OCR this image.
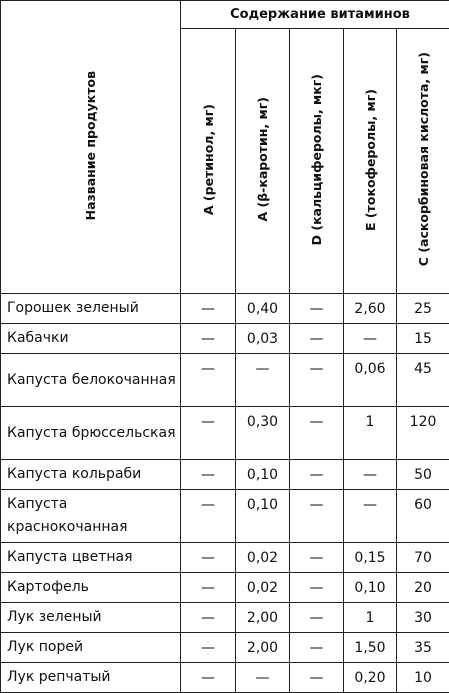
Название продуктов	Содержание витаминов				
	А (ретинол, мг)	А (β-каротин, мг)	D (кальциферолы, мкг)	Е (токоферолы, мг)	С (аскорбиновая кислота, мг)
Горошек зеленый	—	0,40	—	2,60	25
Кабачки	—	0,03	—	—	15
Капуста белокочанная	—	—	—	0,06	45
Капуста брюссельская	—	0,30	—	1	120
Капуста кольраби	—	0,10	—	—	50
Капуста краснокочанная	—	0,10	—	—	60
Капуста цветная	—	0,02	—	0,15	70
Картофель	—	0,02	—	0,10	20
Лук зеленый	—	2,00	—	1	30
Лук порей	—	2,00	—	1,50	35
Лук репчатый	—	—	—	0,20	10
